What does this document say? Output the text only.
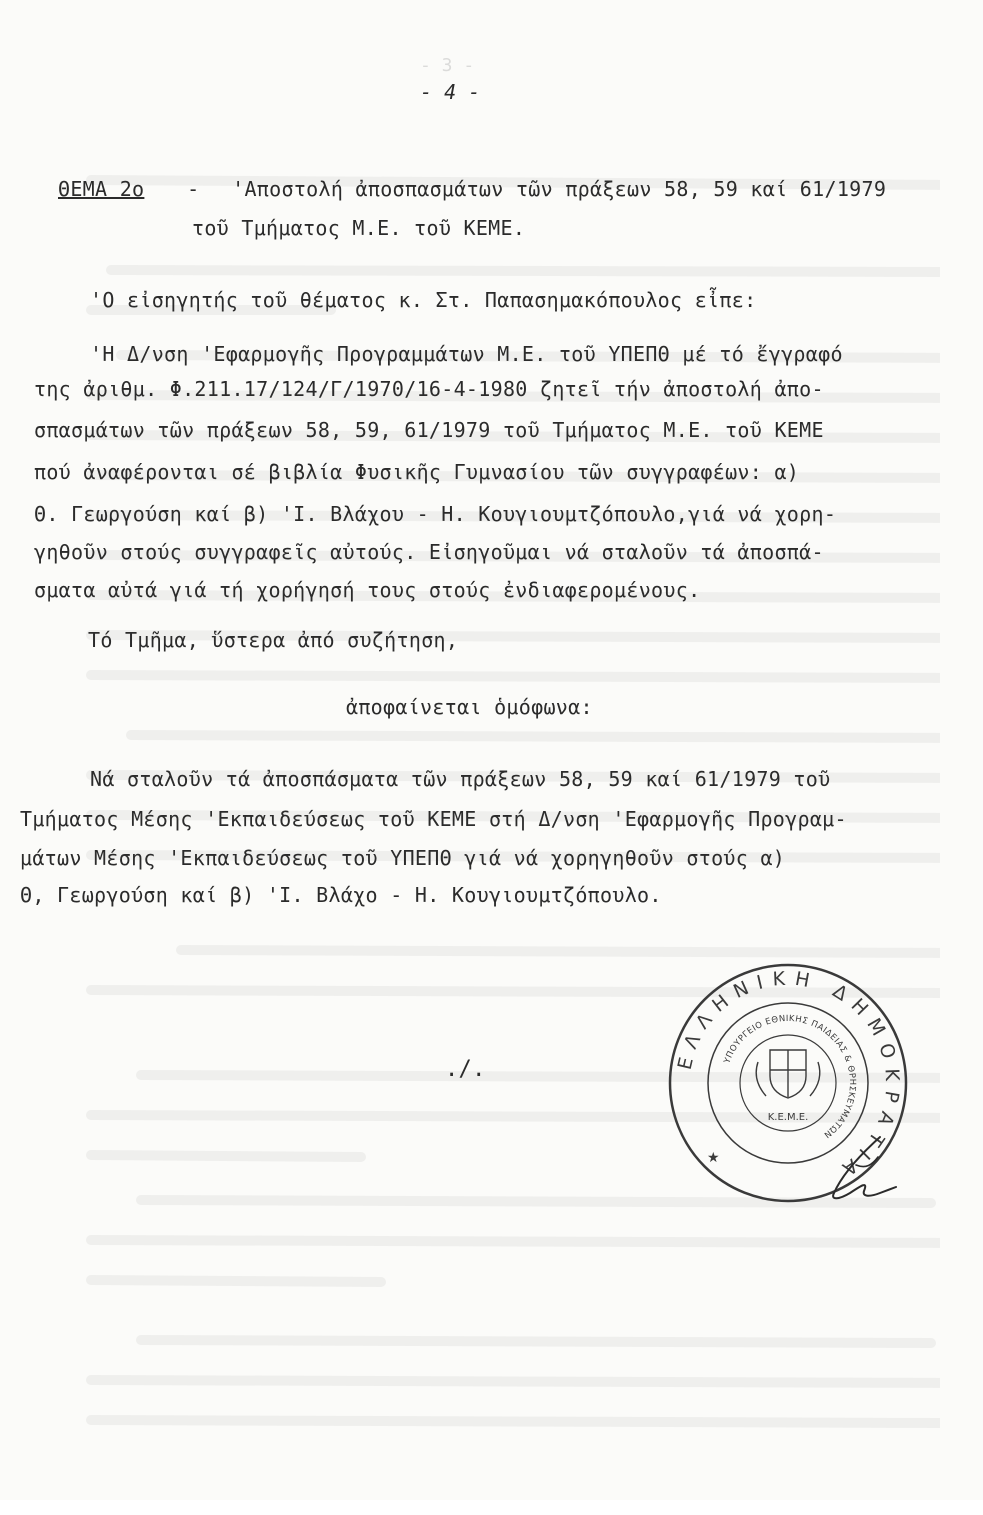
- 3 -
- 4 -
ΘΕΜΑ 2ο - 'Αποστολή ἀποσπασμάτων τῶν πράξεων 58, 59 καί 61/1979
τοῦ Τμήματος Μ.Ε. τοῦ ΚΕΜΕ.
'Ο εἰσηγητής τοῦ θέματος κ. Στ. Παπασημακόπουλος εἶπε:
'Η Δ/νση 'Εφαρμογῆς Προγραμμάτων Μ.Ε. τοῦ ΥΠΕΠΘ μέ τό ἔγγραφό
της ἀριθμ. Φ.211.17/124/Γ/1970/16-4-1980 ζητεῖ τήν ἀποστολή ἀπο-
σπασμάτων τῶν πράξεων 58, 59, 61/1979 τοῦ Τμήματος Μ.Ε. τοῦ ΚΕΜΕ
πού ἀναφέρονται σέ βιβλία Φυσικῆς Γυμνασίου τῶν συγγραφέων: α)
Θ. Γεωργούση καί β) 'Ι. Βλάχου - Η. Κουγιουμτζόπουλο,γιά νά χορη-
γηθοῦν στούς συγγραφεῖς αὐτούς. Εἰσηγοῦμαι νά σταλοῦν τά ἀποσπά-
σματα αὐτά γιά τή χορήγησή τους στούς ἐνδιαφερομένους.
Τό Τμῆμα, ὕστερα ἀπό συζήτηση,
ἀποφαίνεται ὁμόφωνα:
Νά σταλοῦν τά ἀποσπάσματα τῶν πράξεων 58, 59 καί 61/1979 τοῦ
Τμήματος Μέσης 'Εκπαιδεύσεως τοῦ ΚΕΜΕ στή Δ/νση 'Εφαρμογῆς Προγραμ-
μάτων Μέσης 'Εκπαιδεύσεως τοῦ ΥΠΕΠΘ γιά νά χορηγηθοῦν στούς α)
Θ, Γεωργούση καί β) 'Ι. Βλάχο - Η. Κουγιουμτζόπουλο.
./.	ΕΛΛΗΝΙΚΗ ΔΗΜΟΚΡΑΤΙΑ
ΥΠΟΥΡΓΕΙΟ ΕΘΝΙΚΗΣ ΠΑΙΔΕΙΑΣ & ΘΡΗΣΚΕΥΜΑΤΩΝ
Κ.Ε.Μ.Ε.
★
